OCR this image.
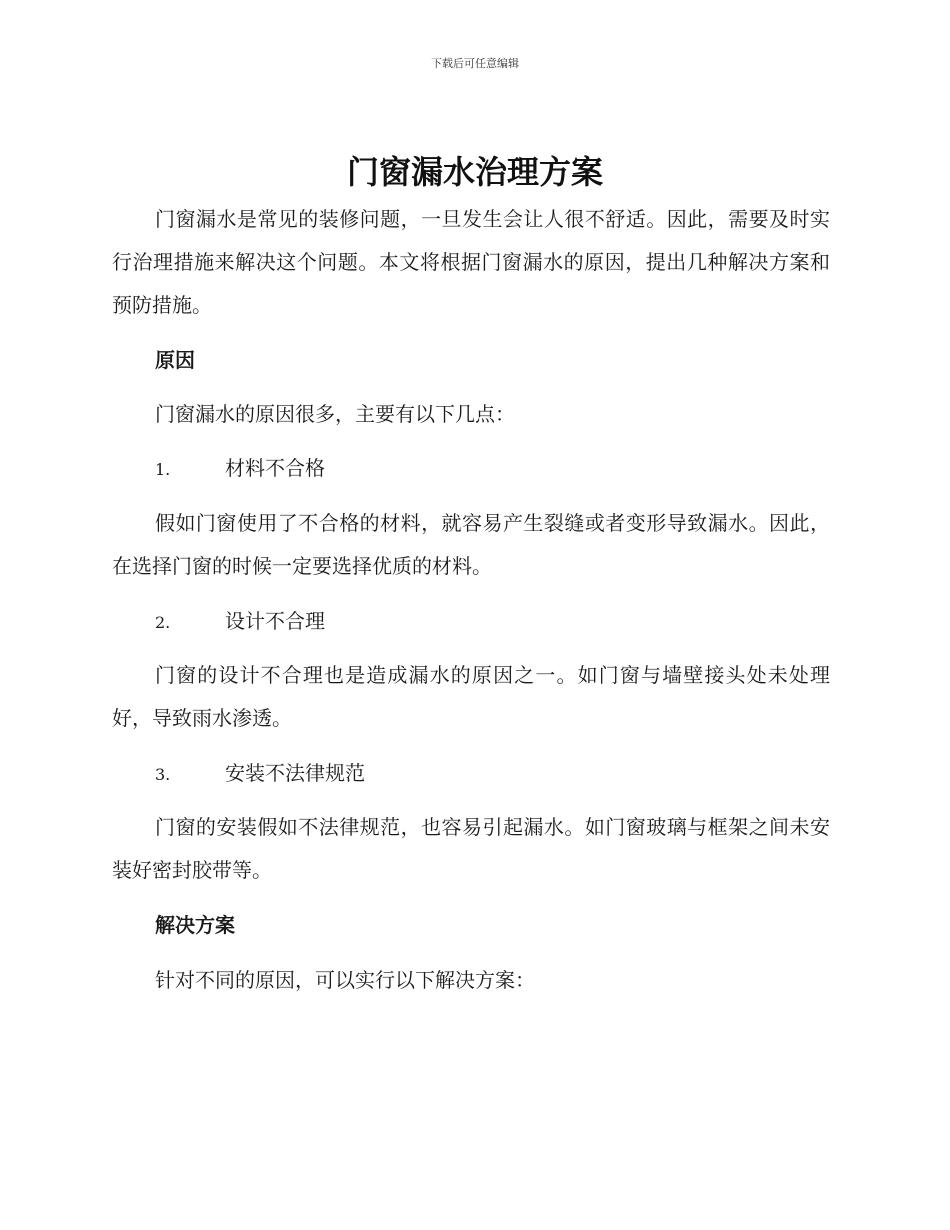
下载后可任意编辑
门窗漏水治理方案

门窗漏水是常见的装修问题，一旦发生会让人很不舒适。因此，需要及时实行治理措施来解决这个问题。本文将根据门窗漏水的原因，提出几种解决方案和预防措施。

原因

门窗漏水的原因很多，主要有以下几点：

1.	材料不合格

假如门窗使用了不合格的材料，就容易产生裂缝或者变形导致漏水。因此，在选择门窗的时候一定要选择优质的材料。

2.	设计不合理

门窗的设计不合理也是造成漏水的原因之一。如门窗与墙壁接头处未处理好，导致雨水渗透。

3.	安装不法律规范

门窗的安装假如不法律规范，也容易引起漏水。如门窗玻璃与框架之间未安装好密封胶带等。

解决方案

针对不同的原因，可以实行以下解决方案：
